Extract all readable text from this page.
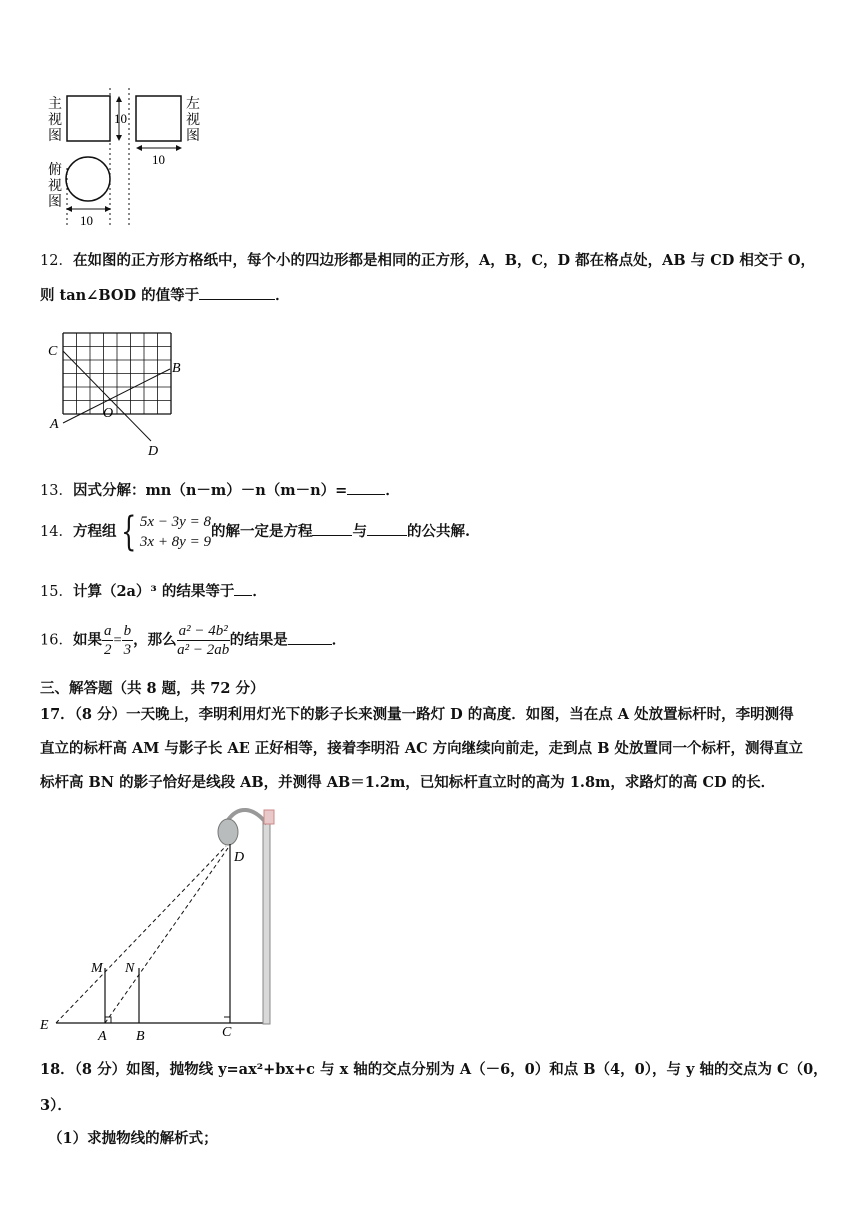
主
视
图
10
左
视
图
10
俯
视
图
10
12．在如图的正方形方格纸中，每个小的四边形都是相同的正方形，A，B，C，D 都在格点处，AB 与 CD 相交于 O，
则 tan∠BOD 的值等于	．
C
B
A
O
D
13．因式分解：mn（n－m）－n（m－n）=	．
14．方程组 { 5x − 3y = 8
3x + 8y = 9
的解一定是方程	与	的公共解.
15．计算（2a）³ 的结果等于 ．
16．如果 $\frac{a}{2} = \frac{b}{3}$ ，那么 $\frac{\text{a² − 4b²}}{\text{a² − 2ab}}$ 的结果是	．
三、解答题（共 8 题，共 72 分）
17．（8 分）一天晚上，李明利用灯光下的影子长来测量一路灯 D 的高度．如图，当在点 A 处放置标杆时，李明测得
直立的标杆高 AM 与影子长 AE 正好相等，接着李明沿 AC 方向继续向前走，走到点 B 处放置同一个标杆，测得直立
标杆高 BN 的影子恰好是线段 AB，并测得 AB＝1.2m，已知标杆直立时的高为 1.8m，求路灯的高 CD 的长．
D
M N
E
A B	C
18．（8 分）如图，抛物线 y=ax²+bx+c 与 x 轴的交点分别为 A（－6，0）和点 B（4，0），与 y 轴的交点为 C（0，
3）．
（1）求抛物线的解析式；
